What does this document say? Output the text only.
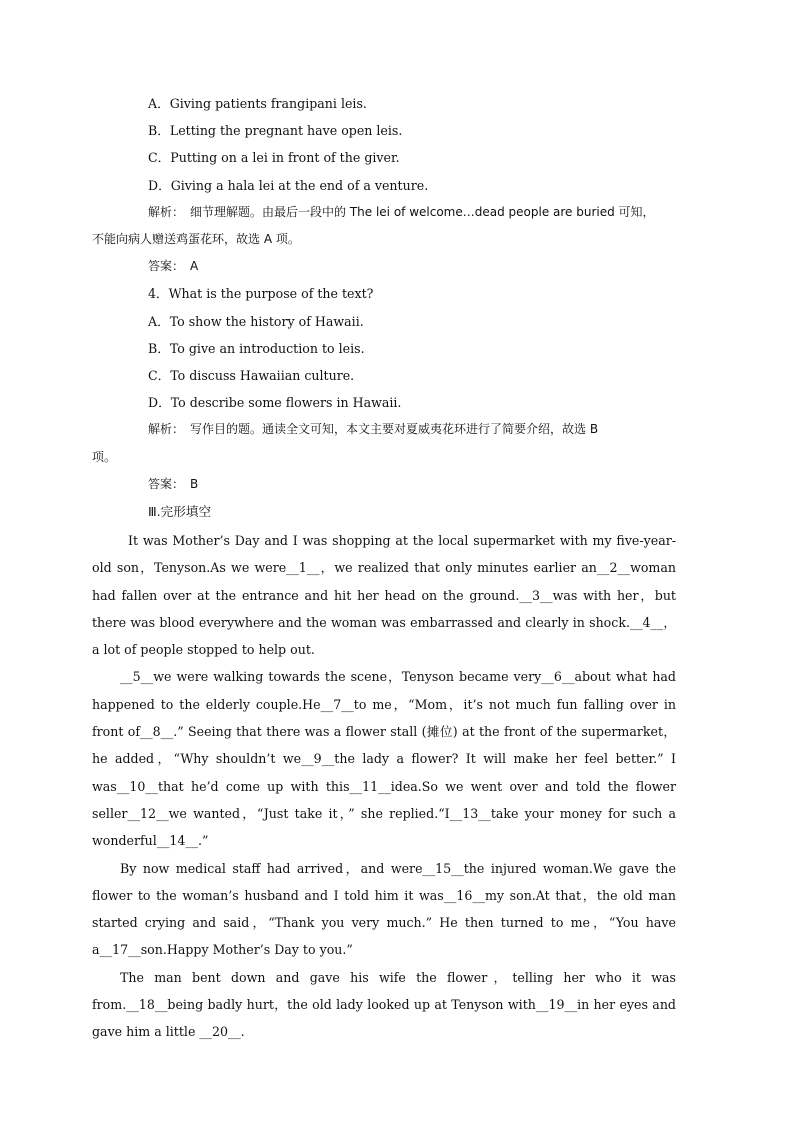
A．Giving patients frangipani leis.
B．Letting the pregnant have open leis.
C．Putting on a lei in front of the giver.
D．Giving a hala lei at the end of a venture.
解析：　细节理解题。由最后一段中的 The lei of welcome…dead people are buried 可知，
不能向病人赠送鸡蛋花环，故选 A 项。
答案：　A
4．What is the purpose of the text?
A．To show the history of Hawaii.
B．To give an introduction to leis.
C．To discuss Hawaiian culture.
D．To describe some flowers in Hawaii.
解析：　写作目的题。通读全文可知，本文主要对夏威夷花环进行了简要介绍，故选 B
项。
答案：　B
Ⅲ.完形填空

It was Mother’s Day and I was shopping at the local supermarket with my five-year-old son，Tenyson.As we were__1__，we realized that only minutes earlier an__2__woman had fallen over at the entrance and hit her head on the ground.__3__was with her，but there was blood everywhere and the woman was embarrassed and clearly in shock.__4__，a lot of people stopped to help out.

__5__we were walking towards the scene，Tenyson became very__6__about what had happened to the elderly couple.He__7__to me，“Mom，it’s not much fun falling over in front of__8__.” Seeing that there was a flower stall (摊位) at the front of the supermarket，he added，“Why shouldn’t we__9__the lady a flower? It will make her feel better.” I was__10__that he’d come up with this__11__idea.So we went over and told the flower seller__12__we wanted，“Just take it，” she replied.“I__13__take your money for such a wonderful__14__.”

By now medical staff had arrived，and were__15__the injured woman.We gave the flower to the woman’s husband and I told him it was__16__my son.At that，the old man started crying and said，“Thank you very much.” He then turned to me，“You have a__17__son.Happy Mother’s Day to you.”

The man bent down and gave his wife the flower，telling her who it was from.__18__being badly hurt，the old lady looked up at Tenyson with__19__in her eyes and gave him a little __20__.
